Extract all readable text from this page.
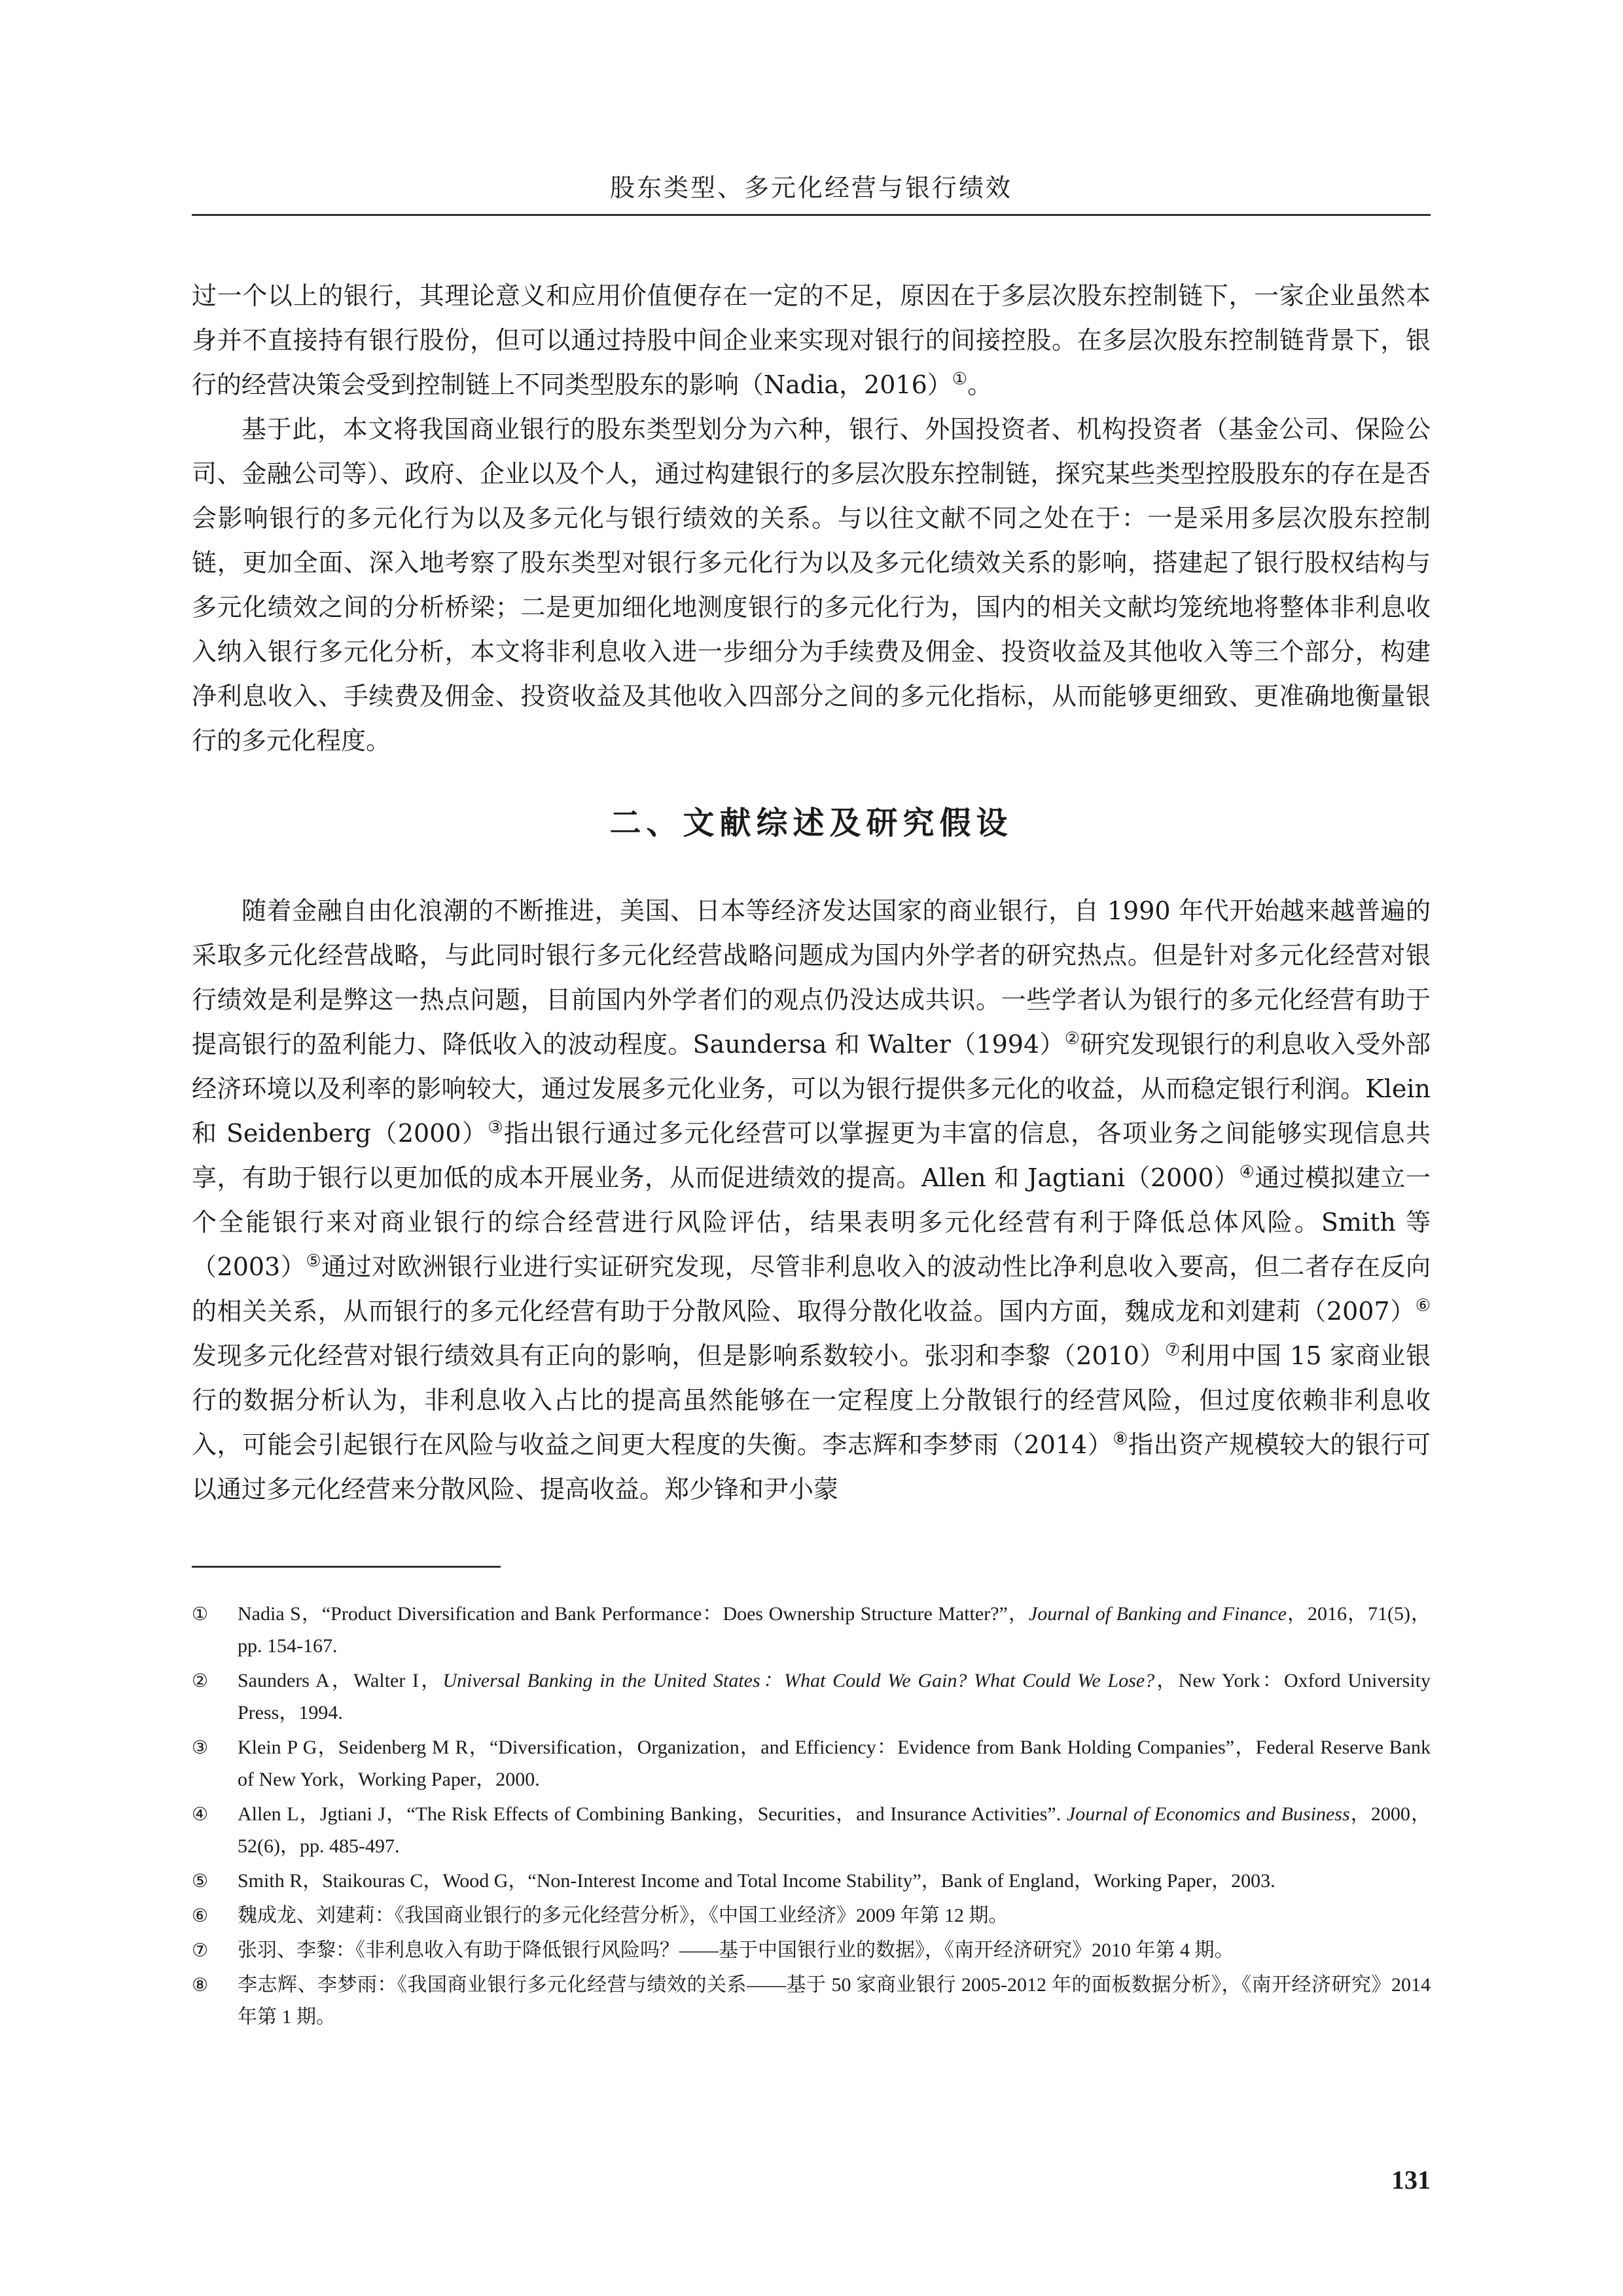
股东类型、多元化经营与银行绩效

过一个以上的银行，其理论意义和应用价值便存在一定的不足，原因在于多层次股东控制链下，一家企业虽然本身并不直接持有银行股份，但可以通过持股中间企业来实现对银行的间接控股。在多层次股东控制链背景下，银行的经营决策会受到控制链上不同类型股东的影响（Nadia，2016）①。

基于此，本文将我国商业银行的股东类型划分为六种，银行、外国投资者、机构投资者（基金公司、保险公司、金融公司等）、政府、企业以及个人，通过构建银行的多层次股东控制链，探究某些类型控股股东的存在是否会影响银行的多元化行为以及多元化与银行绩效的关系。与以往文献不同之处在于：一是采用多层次股东控制链，更加全面、深入地考察了股东类型对银行多元化行为以及多元化绩效关系的影响，搭建起了银行股权结构与多元化绩效之间的分析桥梁；二是更加细化地测度银行的多元化行为，国内的相关文献均笼统地将整体非利息收入纳入银行多元化分析，本文将非利息收入进一步细分为手续费及佣金、投资收益及其他收入等三个部分，构建净利息收入、手续费及佣金、投资收益及其他收入四部分之间的多元化指标，从而能够更细致、更准确地衡量银行的多元化程度。

二、文献综述及研究假设

随着金融自由化浪潮的不断推进，美国、日本等经济发达国家的商业银行，自 1990 年代开始越来越普遍的采取多元化经营战略，与此同时银行多元化经营战略问题成为国内外学者的研究热点。但是针对多元化经营对银行绩效是利是弊这一热点问题，目前国内外学者们的观点仍没达成共识。一些学者认为银行的多元化经营有助于提高银行的盈利能力、降低收入的波动程度。Saundersa 和 Walter（1994）②研究发现银行的利息收入受外部经济环境以及利率的影响较大，通过发展多元化业务，可以为银行提供多元化的收益，从而稳定银行利润。Klein 和 Seidenberg（2000）③指出银行通过多元化经营可以掌握更为丰富的信息，各项业务之间能够实现信息共享，有助于银行以更加低的成本开展业务，从而促进绩效的提高。Allen 和 Jagtiani（2000）④通过模拟建立一个全能银行来对商业银行的综合经营进行风险评估，结果表明多元化经营有利于降低总体风险。Smith 等（2003）⑤通过对欧洲银行业进行实证研究发现，尽管非利息收入的波动性比净利息收入要高，但二者存在反向的相关关系，从而银行的多元化经营有助于分散风险、取得分散化收益。国内方面，魏成龙和刘建莉（2007）⑥发现多元化经营对银行绩效具有正向的影响，但是影响系数较小。张羽和李黎（2010）⑦利用中国 15 家商业银行的数据分析认为，非利息收入占比的提高虽然能够在一定程度上分散银行的经营风险，但过度依赖非利息收入，可能会引起银行在风险与收益之间更大程度的失衡。李志辉和李梦雨（2014）⑧指出资产规模较大的银行可以通过多元化经营来分散风险、提高收益。郑少锋和尹小蒙

①	Nadia S，“Product Diversification and Bank Performance：Does Ownership Structure Matter?”，Journal of Banking and Finance，2016，71(5)，pp. 154-167.
②	Saunders A，Walter I，Universal Banking in the United States：What Could We Gain? What Could We Lose?，New York：Oxford University Press，1994.
③	Klein P G，Seidenberg M R，“Diversification，Organization，and Efficiency：Evidence from Bank Holding Companies”，Federal Reserve Bank of New York，Working Paper，2000.
④	Allen L，Jgtiani J，“The Risk Effects of Combining Banking，Securities，and Insurance Activities”. Journal of Economics and Business，2000，52(6)，pp. 485-497.
⑤	Smith R，Staikouras C，Wood G，“Non-Interest Income and Total Income Stability”，Bank of England，Working Paper，2003.
⑥	魏成龙、刘建莉：《我国商业银行的多元化经营分析》，《中国工业经济》2009 年第 12 期。
⑦	张羽、李黎：《非利息收入有助于降低银行风险吗？——基于中国银行业的数据》，《南开经济研究》2010 年第 4 期。
⑧	李志辉、李梦雨：《我国商业银行多元化经营与绩效的关系——基于 50 家商业银行 2005-2012 年的面板数据分析》，《南开经济研究》2014 年第 1 期。
131
